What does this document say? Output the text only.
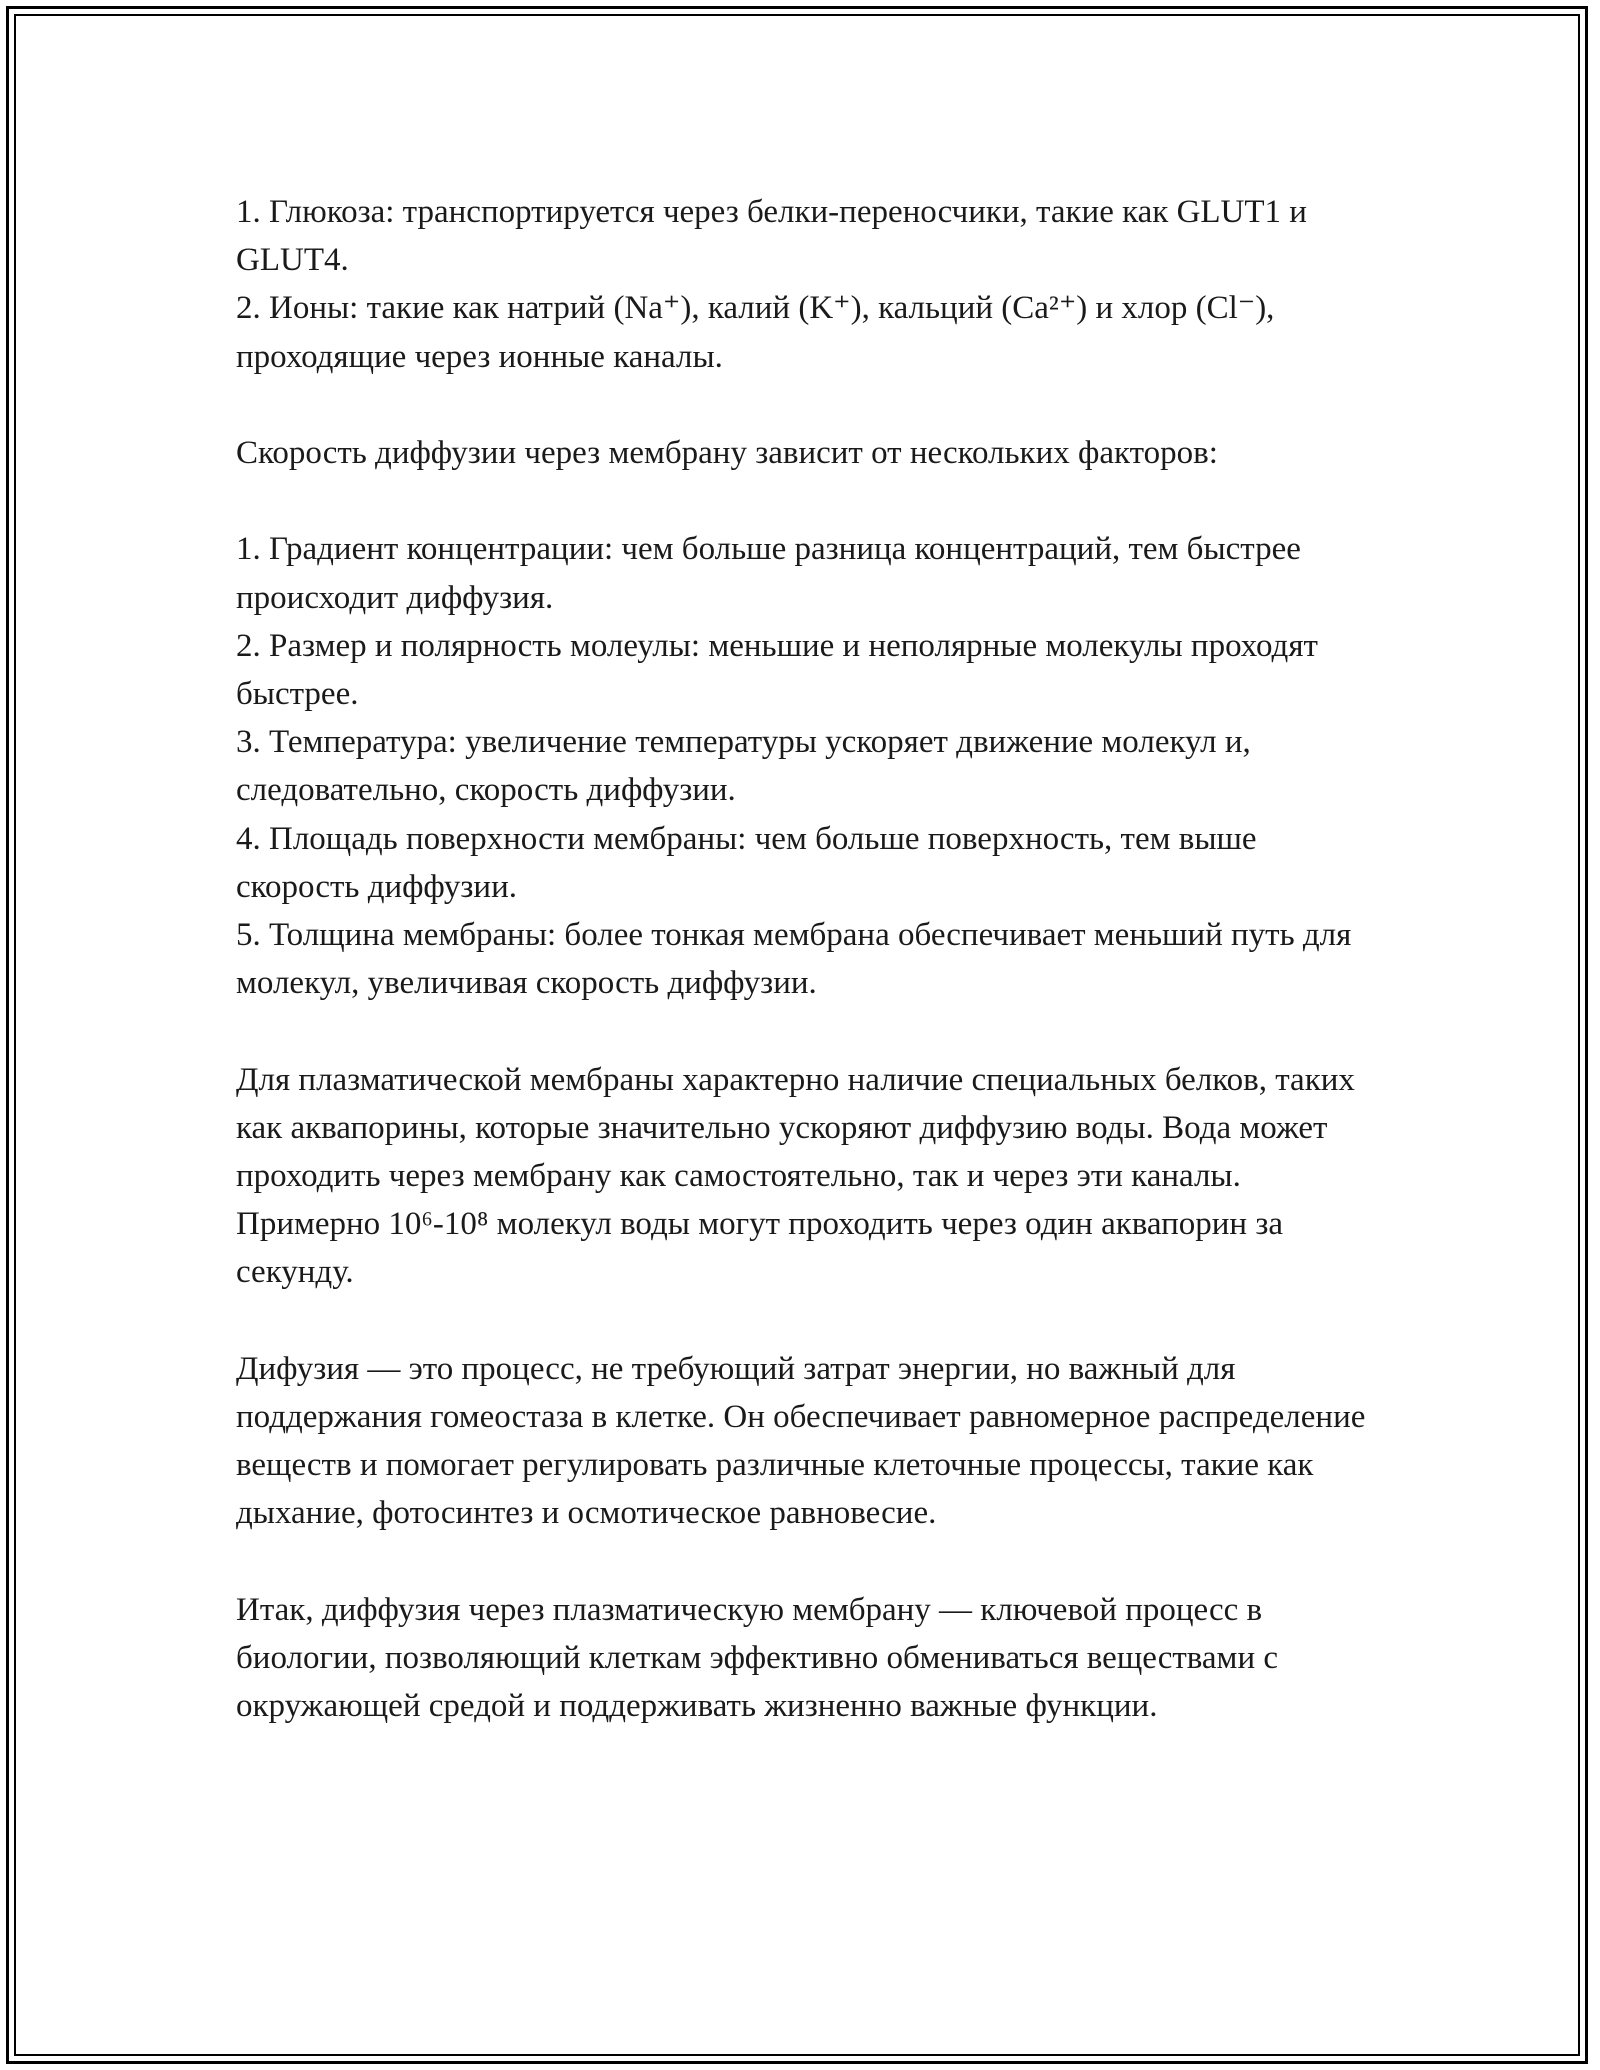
1. Глюкоза: транспортируется через белки-переносчики, такие как GLUT1 и GLUT4.

2. Ионы: такие как натрий (Na⁺), калий (K⁺), кальций (Ca²⁺) и хлор (Cl⁻), проходящие через ионные каналы.

Скорость диффузии через мембрану зависит от нескольких факторов:

1. Градиент концентрации: чем больше разница концентраций, тем быстрее происходит диффузия.

2. Размер и полярность молеулы: меньшие и неполярные молекулы проходят быстрее.

3. Температура: увеличение температуры ускоряет движение молекул и, следовательно, скорость диффузии.

4. Площадь поверхности мембраны: чем больше поверхность, тем выше скорость диффузии.

5. Толщина мембраны: более тонкая мембрана обеспечивает меньший путь для молекул, увеличивая скорость диффузии.

Для плазматической мембраны характерно наличие специальных белков, таких как аквапорины, которые значительно ускоряют диффузию воды. Вода может проходить через мембрану как самостоятельно, так и через эти каналы. Примерно 10⁶-10⁸ молекул воды могут проходить через один аквапорин за секунду.

Дифузия — это процесс, не требующий затрат энергии, но важный для поддержания гомеостаза в клетке. Он обеспечивает равномерное распределение веществ и помогает регулировать различные клеточные процессы, такие как дыхание, фотосинтез и осмотическое равновесие.

Итак, диффузия через плазматическую мембрану — ключевой процесс в биологии, позволяющий клеткам эффективно обмениваться веществами с окружающей средой и поддерживать жизненно важные функции.
